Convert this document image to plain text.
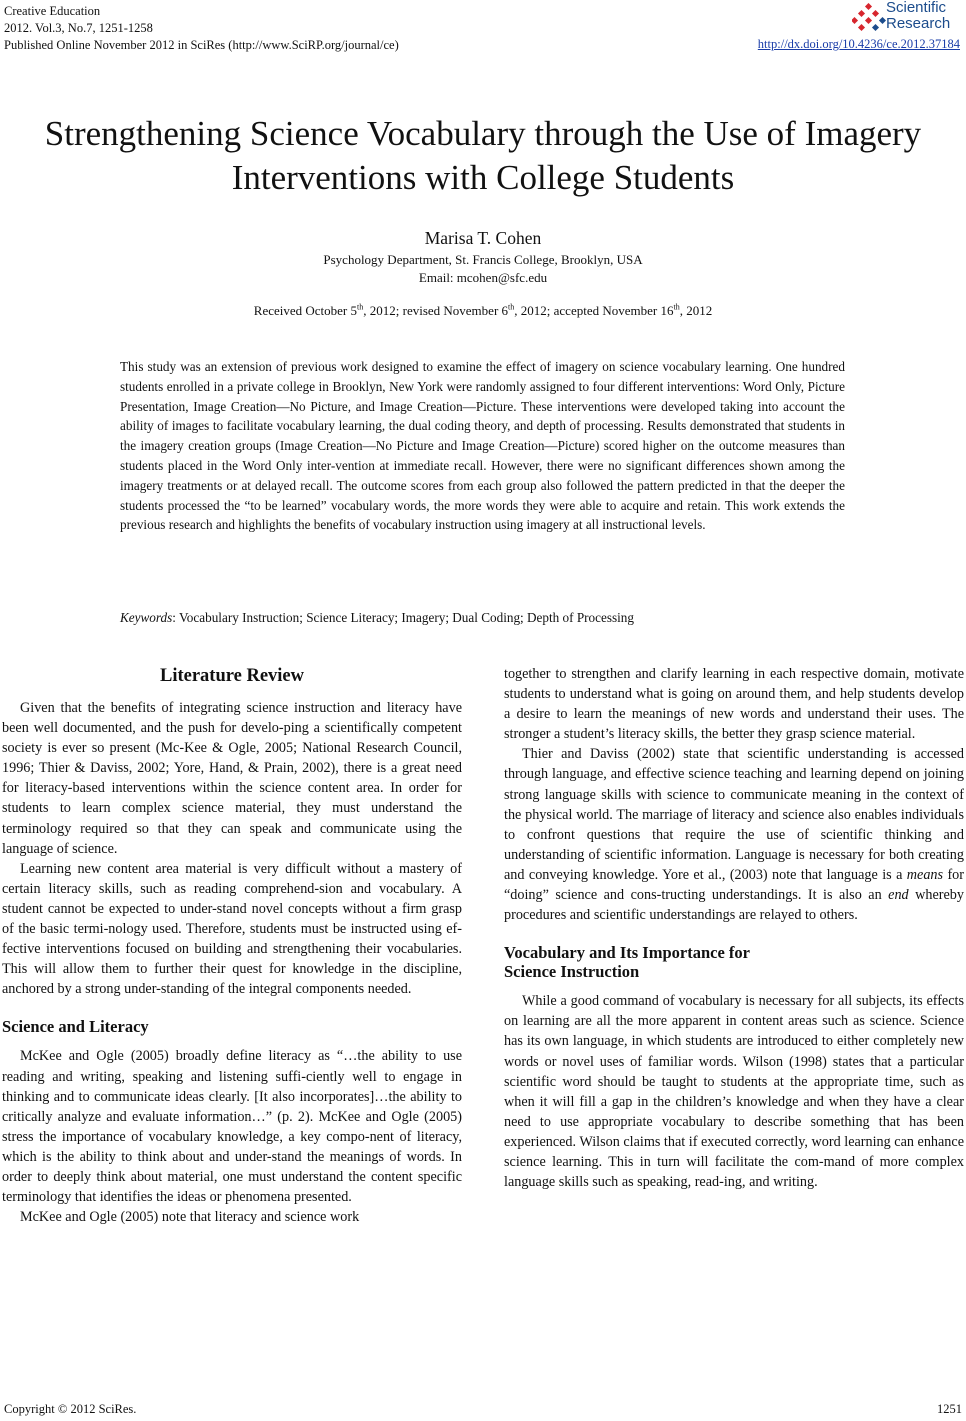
Creative Education
2012. Vol.3, No.7, 1251-1258
Published Online November 2012 in SciRes (http://www.SciRP.org/journal/ce)
Scientific
Research
http://dx.doi.org/10.4236/ce.2012.37184
Strengthening Science Vocabulary through the Use of Imagery
Interventions with College Students
Marisa T. Cohen
Psychology Department, St. Francis College, Brooklyn, USA
Email: mcohen@sfc.edu
Received October 5th, 2012; revised November 6th, 2012; accepted November 16th, 2012
This study was an extension of previous work designed to examine the effect of imagery on science vocabulary learning. One hundred students enrolled in a private college in Brooklyn, New York were randomly assigned to four different interventions: Word Only, Picture Presentation, Image Creation—No Picture, and Image Creation—Picture. These interventions were developed taking into account the ability of images to facilitate vocabulary learning, the dual coding theory, and depth of processing. Results demonstrated that students in the imagery creation groups (Image Creation—No Picture and Image Creation—Picture) scored higher on the outcome measures than students placed in the Word Only inter-vention at immediate recall. However, there were no significant differences shown among the imagery treatments or at delayed recall. The outcome scores from each group also followed the pattern predicted in that the deeper the students processed the “to be learned” vocabulary words, the more words they were able to acquire and retain. This work extends the previous research and highlights the benefits of vocabulary instruction using imagery at all instructional levels.
Keywords: Vocabulary Instruction; Science Literacy; Imagery; Dual Coding; Depth of Processing
Literature Review

Given that the benefits of integrating science instruction and literacy have been well documented, and the push for develo-ping a scientifically competent society is ever so present (Mc-Kee & Ogle, 2005; National Research Council, 1996; Thier & Daviss, 2002; Yore, Hand, & Prain, 2002), there is a great need for literacy-based interventions within the science content area. In order for students to learn complex science material, they must understand the terminology required so that they can speak and communicate using the language of science.

Learning new content area material is very difficult without a mastery of certain literacy skills, such as reading comprehend-sion and vocabulary. A student cannot be expected to under-stand novel concepts without a firm grasp of the basic termi-nology used. Therefore, students must be instructed using ef-fective interventions focused on building and strengthening their vocabularies. This will allow them to further their quest for knowledge in the discipline, anchored by a strong under-standing of the integral components needed.

Science and Literacy

McKee and Ogle (2005) broadly define literacy as “…the ability to use reading and writing, speaking and listening suffi-ciently well to engage in thinking and to communicate ideas clearly. [It also incorporates]…the ability to critically analyze and evaluate information…” (p. 2). McKee and Ogle (2005) stress the importance of vocabulary knowledge, a key compo-nent of literacy, which is the ability to think about and under-stand the meanings of words. In order to deeply think about material, one must understand the content specific terminology that identifies the ideas or phenomena presented.

McKee and Ogle (2005) note that literacy and science work

together to strengthen and clarify learning in each respective domain, motivate students to understand what is going on around them, and help students develop a desire to learn the meanings of new words and understand their uses. The stronger a student’s literacy skills, the better they grasp science material.

Thier and Daviss (2002) state that scientific understanding is accessed through language, and effective science teaching and learning depend on joining strong language skills with science to communicate meaning in the context of the physical world. The marriage of literacy and science also enables individuals to confront questions that require the use of scientific thinking and understanding of scientific information. Language is necessary for both creating and conveying knowledge. Yore et al., (2003) note that language is a means for “doing” science and cons-tructing understandings. It is also an end whereby procedures and scientific understandings are relayed to others.

Vocabulary and Its Importance for
Science Instruction

While a good command of vocabulary is necessary for all subjects, its effects on learning are all the more apparent in content areas such as science. Science has its own language, in which students are introduced to either completely new words or novel uses of familiar words. Wilson (1998) states that a particular scientific word should be taught to students at the appropriate time, such as when it will fill a gap in the children’s knowledge and when they have a clear need to use appropriate vocabulary to describe something that has been experienced. Wilson claims that if executed correctly, word learning can enhance science learning. This in turn will facilitate the com-mand of more complex language skills such as speaking, read-ing, and writing.

Copyright © 2012 SciRes.	1251
